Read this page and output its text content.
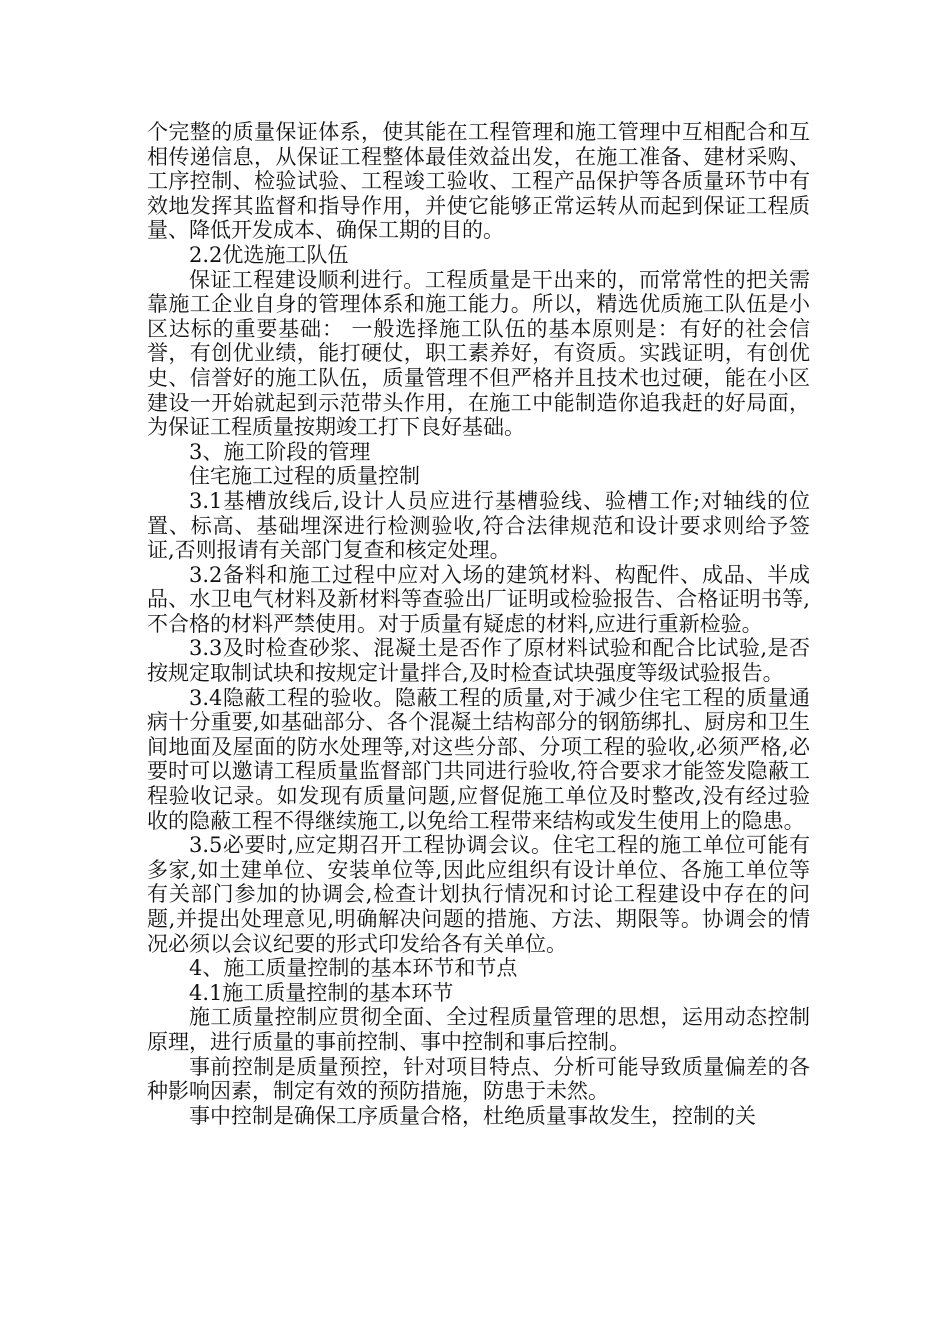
个完整的质量保证体系，使其能在工程管理和施工管理中互相配合和互相传递信息，从保证工程整体最佳效益出发，在施工准备、建材采购、工序控制、检验试验、工程竣工验收、工程产品保护等各质量环节中有效地发挥其监督和指导作用，并使它能够正常运转从而起到保证工程质量、降低开发成本、确保工期的目的。

2.2优选施工队伍

保证工程建设顺利进行。工程质量是干出来的，而常常性的把关需靠施工企业自身的管理体系和施工能力。所以，精选优质施工队伍是小区达标的重要基础： 一般选择施工队伍的基本原则是：有好的社会信誉，有创优业绩，能打硬仗，职工素养好，有资质。实践证明，有创优史、信誉好的施工队伍，质量管理不但严格并且技术也过硬，能在小区建设一开始就起到示范带头作用，在施工中能制造你追我赶的好局面，为保证工程质量按期竣工打下良好基础。

3、施工阶段的管理

住宅施工过程的质量控制

3.1基槽放线后,设计人员应进行基槽验线、验槽工作;对轴线的位置、标高、基础埋深进行检测验收,符合法律规范和设计要求则给予签证,否则报请有关部门复查和核定处理。

3.2备料和施工过程中应对入场的建筑材料、构配件、成品、半成品、水卫电气材料及新材料等查验出厂证明或检验报告、合格证明书等,不合格的材料严禁使用。对于质量有疑虑的材料,应进行重新检验。

3.3及时检查砂浆、混凝土是否作了原材料试验和配合比试验,是否按规定取制试块和按规定计量拌合,及时检查试块强度等级试验报告。

3.4隐蔽工程的验收。隐蔽工程的质量,对于减少住宅工程的质量通病十分重要,如基础部分、各个混凝土结构部分的钢筋绑扎、厨房和卫生间地面及屋面的防水处理等,对这些分部、分项工程的验收,必须严格,必要时可以邀请工程质量监督部门共同进行验收,符合要求才能签发隐蔽工程验收记录。如发现有质量问题,应督促施工单位及时整改,没有经过验收的隐蔽工程不得继续施工,以免给工程带来结构或发生使用上的隐患。

3.5必要时,应定期召开工程协调会议。住宅工程的施工单位可能有多家,如土建单位、安装单位等,因此应组织有设计单位、各施工单位等有关部门参加的协调会,检查计划执行情况和讨论工程建设中存在的问题,并提出处理意见,明确解决问题的措施、方法、期限等。协调会的情况必须以会议纪要的形式印发给各有关单位。

4、施工质量控制的基本环节和节点

4.1施工质量控制的基本环节

施工质量控制应贯彻全面、全过程质量管理的思想，运用动态控制原理，进行质量的事前控制、事中控制和事后控制。

事前控制是质量预控，针对项目特点、分析可能导致质量偏差的各种影响因素，制定有效的预防措施，防患于未然。

事中控制是确保工序质量合格，杜绝质量事故发生，控制的关
